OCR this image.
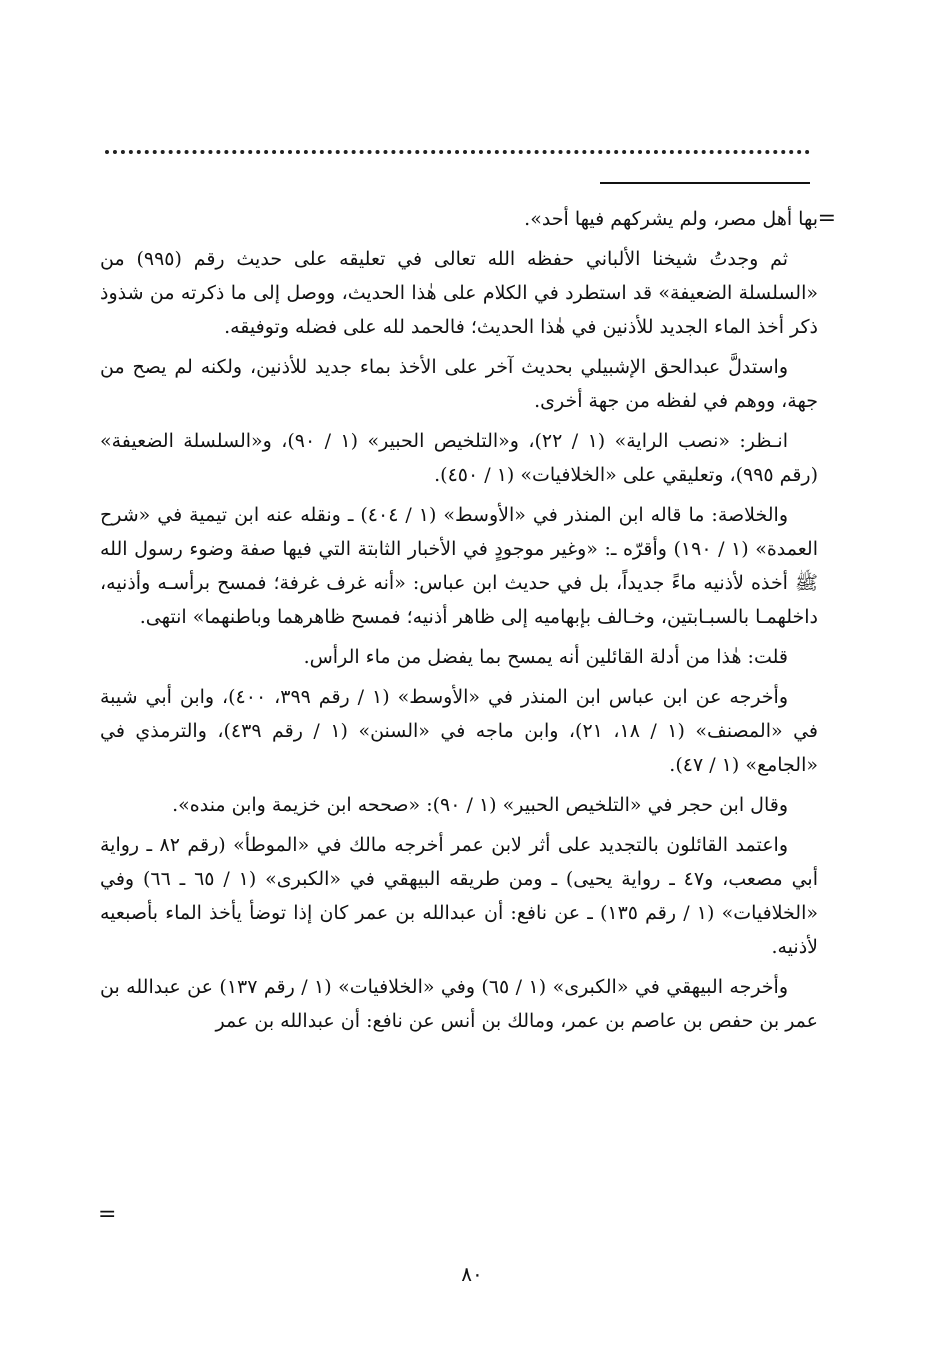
=

بها أهل مصر، ولم يشركهم فيها أحد».

ثم وجدتُ شيخنا الألباني حفظه الله تعالى في تعليقه على حديث رقم (٩٩٥) من «السلسلة الضعيفة» قد استطرد في الكلام على هٰذا الحديث، ووصل إلى ما ذكرته من شذوذ ذكر أخذ الماء الجديد للأذنين في هٰذا الحديث؛ فالحمد لله على فضله وتوفيقه.

واستدلَّ عبدالحق الإشبيلي بحديث آخر على الأخذ بماء جديد للأذنين، ولكنه لم يصح من جهة، ووهم في لفظه من جهة أخرى.

انـظر: «نصب الراية» (١ / ٢٢)، و«التلخيص الحبير» (١ / ٩٠)، و«السلسلة الضعيفة» (رقم ٩٩٥)، وتعليقي على «الخلافيات» (١ / ٤٥٠).

والخلاصة: ما قاله ابن المنذر في «الأوسط» (١ / ٤٠٤) ـ ونقله عنه ابن تيمية في «شرح العمدة» (١ / ١٩٠) وأقرّه ـ: «وغير موجودٍ في الأخبار الثابتة التي فيها صفة وضوء رسول الله ﷺ أخذه لأذنيه ماءً جديداً، بل في حديث ابن عباس: «أنه غرف غرفة؛ فمسح برأسـه وأذنيه، داخلهمـا بالسبـابتين، وخـالف بإبهاميه إلى ظاهر أذنيه؛ فمسح ظاهرهما وباطنهما» انتهى.

قلت: هٰذا من أدلة القائلين أنه يمسح بما يفضل من ماء الرأس.

وأخرجه عن ابن عباس ابن المنذر في «الأوسط» (١ / رقم ٣٩٩، ٤٠٠)، وابن أبي شيبة في «المصنف» (١ / ١٨، ٢١)، وابن ماجه في «السنن» (١ / رقم ٤٣٩)، والترمذي في «الجامع» (١ / ٤٧).

وقال ابن حجر في «التلخيص الحبير» (١ / ٩٠): «صححه ابن خزيمة وابن منده».

واعتمد القائلون بالتجديد على أثر لابن عمر أخرجه مالك في «الموطأ» (رقم ٨٢ ـ رواية أبي مصعب، و٤٧ ـ رواية يحيى) ـ ومن طريقه البيهقي في «الكبرى» (١ / ٦٥ ـ ٦٦) وفي «الخلافيات» (١ / رقم ١٣٥) ـ عن نافع: أن عبدالله بن عمر كان إذا توضأ يأخذ الماء بأصبعيه لأذنيه.

وأخرجه البيهقي في «الكبرى» (١ / ٦٥) وفي «الخلافيات» (١ / رقم ١٣٧) عن عبدالله بن عمر بن حفص بن عاصم بن عمر، ومالك بن أنس عن نافع: أن عبدالله بن عمر

=
٨٠
